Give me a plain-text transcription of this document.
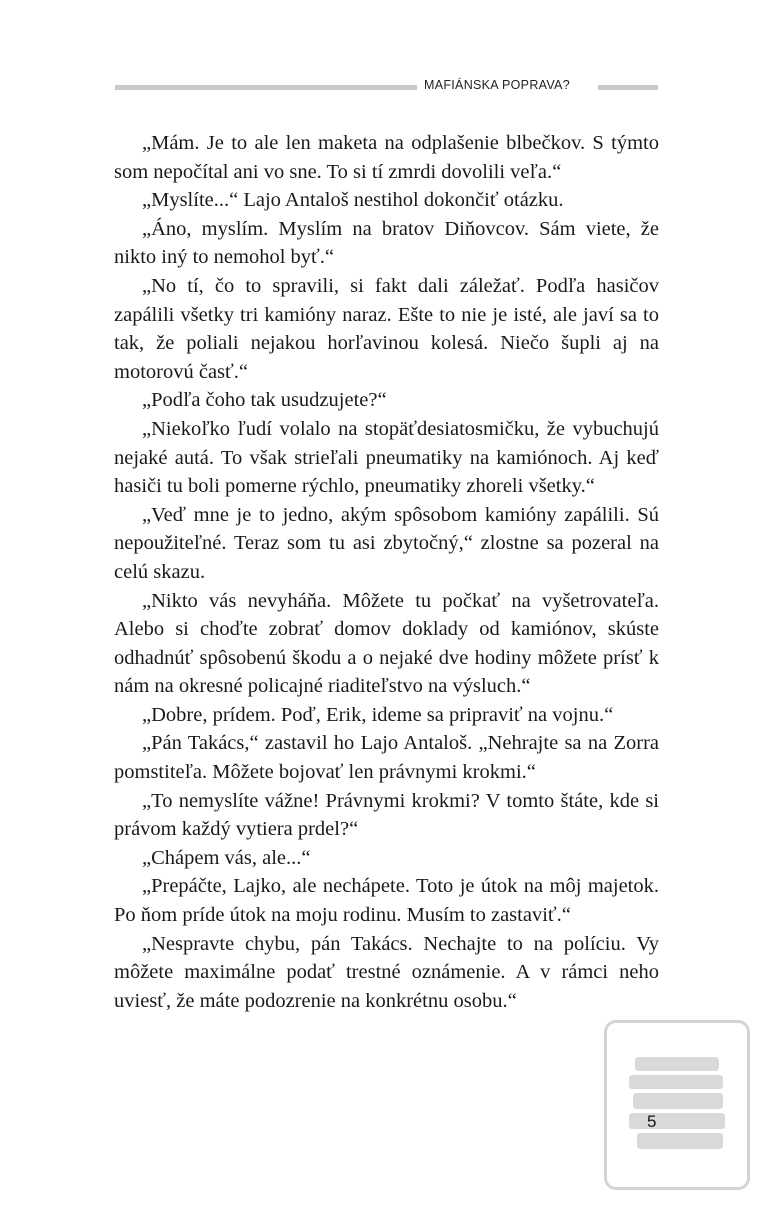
MAFIÁNSKA POPRAVA?

„Mám. Je to ale len maketa na odplašenie blbečkov. S týmto som nepočítal ani vo sne. To si tí zmrdi dovolili veľa.“

„Myslíte...“ Lajo Antaloš nestihol dokončiť otázku.

„Áno, myslím. Myslím na bratov Diňovcov. Sám viete, že nikto iný to nemohol byť.“

„No tí, čo to spravili, si fakt dali záležať. Podľa hasičov zapálili všetky tri kamióny naraz. Ešte to nie je isté, ale javí sa to tak, že poliali nejakou horľavinou kolesá. Niečo šupli aj na motorovú časť.“

„Podľa čoho tak usudzujete?“

„Niekoľko ľudí volalo na stopäťdesiatosmičku, že vybuchujú nejaké autá. To však strieľali pneumatiky na kamiónoch. Aj keď hasiči tu boli pomerne rýchlo, pneumatiky zhoreli všetky.“

„Veď mne je to jedno, akým spôsobom kamióny zapálili. Sú nepoužiteľné. Teraz som tu asi zbytočný,“ zlostne sa pozeral na celú skazu.

„Nikto vás nevyháňa. Môžete tu počkať na vyšetrovateľa. Alebo si choďte zobrať domov doklady od kamiónov, skúste odhadnúť spôsobenú škodu a o nejaké dve hodiny môžete prísť k nám na okresné policajné riaditeľstvo na výsluch.“

„Dobre, prídem. Poď, Erik, ideme sa pripraviť na vojnu.“

„Pán Takács,“ zastavil ho Lajo Antaloš. „Nehrajte sa na Zorra pomstiteľa. Môžete bojovať len právnymi krokmi.“

„To nemyslíte vážne! Právnymi krokmi? V tomto štáte, kde si právom každý vytiera prdel?“

„Chápem vás, ale...“

„Prepáčte, Lajko, ale nechápete. Toto je útok na môj majetok. Po ňom príde útok na moju rodinu. Musím to zastaviť.“

„Nespravte chybu, pán Takács. Nechajte to na políciu. Vy môžete maximálne podať trestné oznámenie. A v rámci neho uviesť, že máte podozrenie na konkrétnu osobu.“

5
